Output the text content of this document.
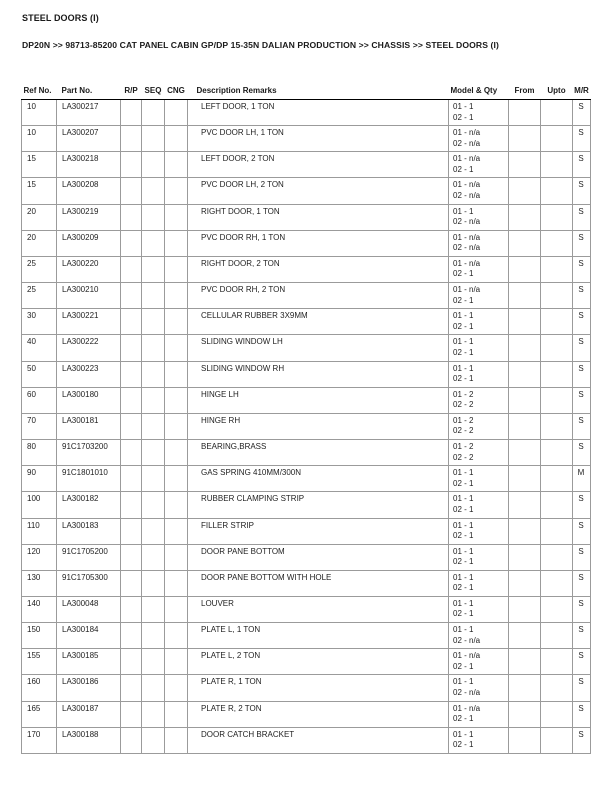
STEEL DOORS (I)
DP20N >> 98713-85200 CAT PANEL CABIN GP/DP 15-35N DALIAN PRODUCTION >> CHASSIS >> STEEL DOORS (I)
Ref No.	Part No.	R/P	SEQ	CNG	Description Remarks	Model & Qty	From	Upto	M/R
10	LA300217				LEFT DOOR, 1 TON	01 - 1
02 - 1			S
10	LA300207				PVC DOOR LH, 1 TON	01 - n/a
02 - n/a			S
15	LA300218				LEFT DOOR, 2 TON	01 - n/a
02 - 1			S
15	LA300208				PVC DOOR LH, 2 TON	01 - n/a
02 - n/a			S
20	LA300219				RIGHT DOOR, 1 TON	01 - 1
02 - n/a			S
20	LA300209				PVC DOOR RH, 1 TON	01 - n/a
02 - n/a			S
25	LA300220				RIGHT DOOR, 2 TON	01 - n/a
02 - 1			S
25	LA300210				PVC DOOR RH, 2 TON	01 - n/a
02 - 1			S
30	LA300221				CELLULAR RUBBER 3X9MM	01 - 1
02 - 1			S
40	LA300222				SLIDING WINDOW LH	01 - 1
02 - 1			S
50	LA300223				SLIDING WINDOW RH	01 - 1
02 - 1			S
60	LA300180				HINGE LH	01 - 2
02 - 2			S
70	LA300181				HINGE RH	01 - 2
02 - 2			S
80	91C1703200				BEARING,BRASS	01 - 2
02 - 2			S
90	91C1801010				GAS SPRING 410MM/300N	01 - 1
02 - 1			M
100	LA300182				RUBBER CLAMPING STRIP	01 - 1
02 - 1			S
110	LA300183				FILLER STRIP	01 - 1
02 - 1			S
120	91C1705200				DOOR PANE BOTTOM	01 - 1
02 - 1			S
130	91C1705300				DOOR PANE BOTTOM WITH HOLE	01 - 1
02 - 1			S
140	LA300048				LOUVER	01 - 1
02 - 1			S
150	LA300184				PLATE L, 1 TON	01 - 1
02 - n/a			S
155	LA300185				PLATE L, 2 TON	01 - n/a
02 - 1			S
160	LA300186				PLATE R, 1 TON	01 - 1
02 - n/a			S
165	LA300187				PLATE R, 2 TON	01 - n/a
02 - 1			S
170	LA300188				DOOR CATCH BRACKET	01 - 1
02 - 1			S
